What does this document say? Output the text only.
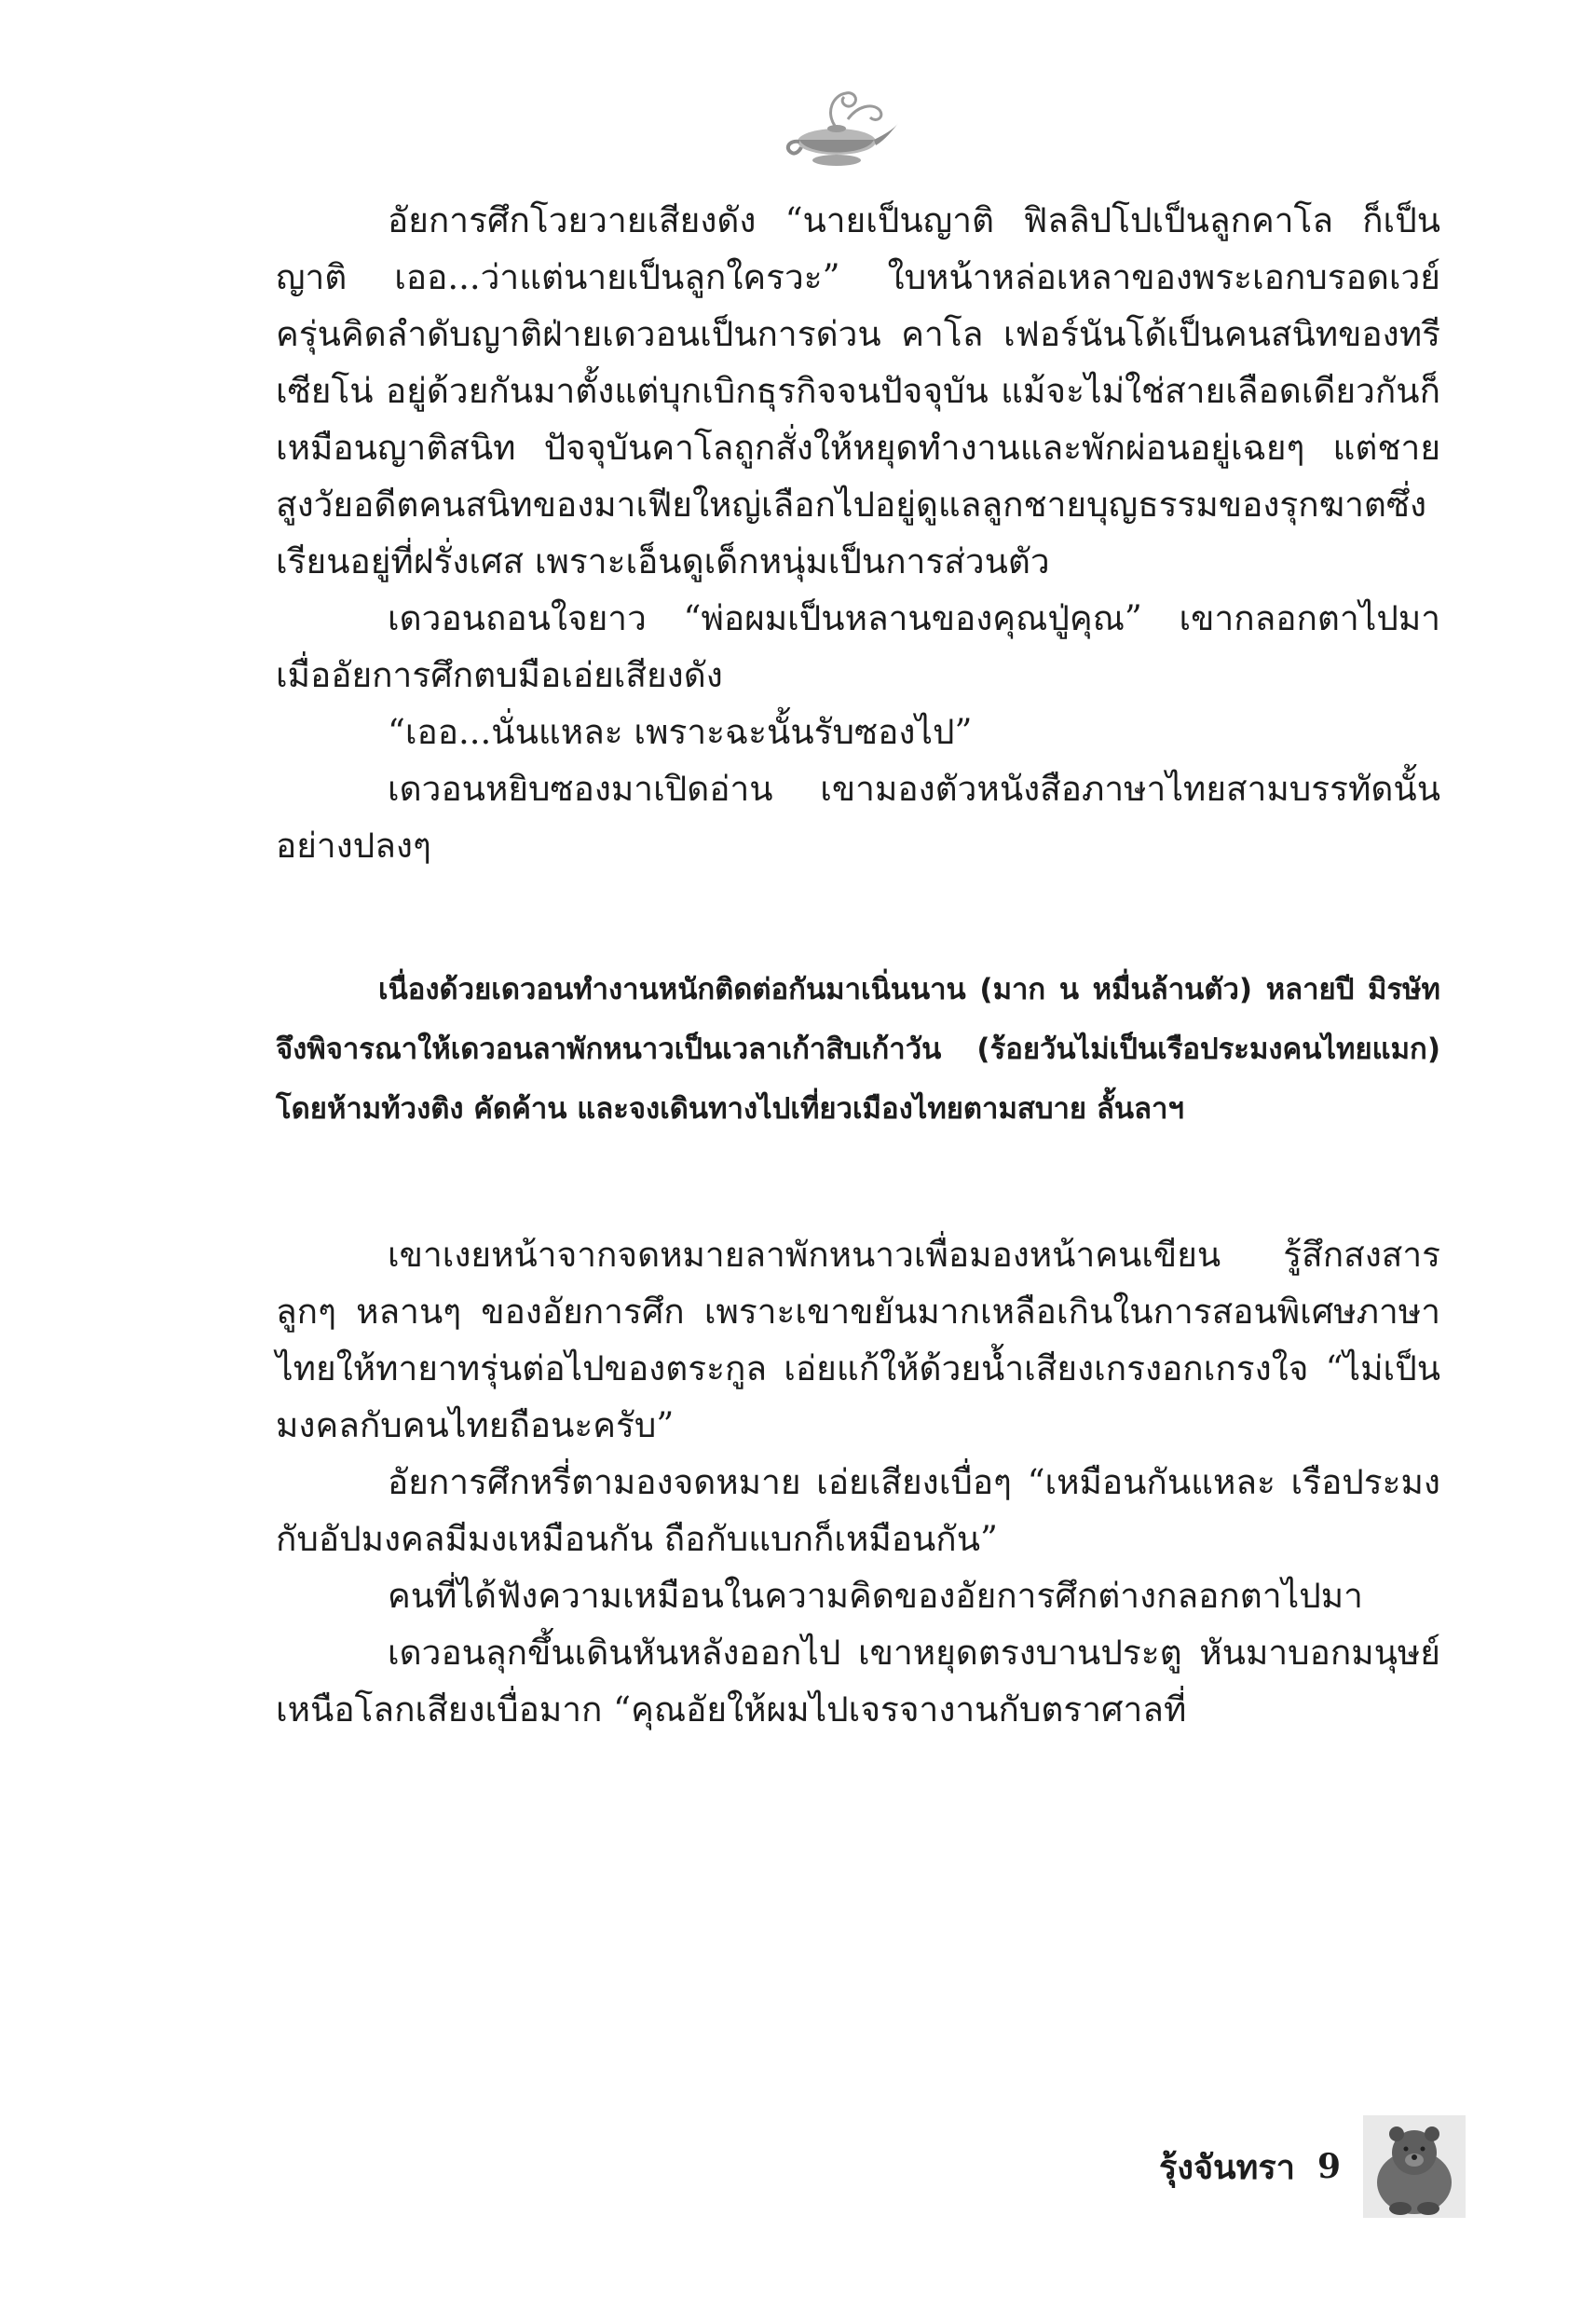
อัยการศึกโวยวายเสียงดัง “นายเป็นญาติ ฟิลลิปโปเป็นลูกคาโล ก็เป็นญาติ เออ...ว่าแต่นายเป็นลูกใครวะ” ใบหน้าหล่อเหลาของพระเอกบรอดเวย์ครุ่นคิดลำดับญาติฝ่ายเดวอนเป็นการด่วน คาโล เฟอร์นันโด้เป็นคนสนิทของทรีเซียโน่ อยู่ด้วยกันมาตั้งแต่บุกเบิกธุรกิจจนปัจจุบัน แม้จะไม่ใช่สายเลือดเดียวกันก็เหมือนญาติสนิท ปัจจุบันคาโลถูกสั่งให้หยุดทำงานและพักผ่อนอยู่เฉยๆ แต่ชายสูงวัยอดีตคนสนิทของมาเฟียใหญ่เลือกไปอยู่ดูแลลูกชายบุญธรรมของรุกฆาตซึ่งเรียนอยู่ที่ฝรั่งเศส เพราะเอ็นดูเด็กหนุ่มเป็นการส่วนตัว

เดวอนถอนใจยาว “พ่อผมเป็นหลานของคุณปู่คุณ” เขากลอกตาไปมาเมื่ออัยการศึกตบมือเอ่ยเสียงดัง

“เออ...นั่นแหละ เพราะฉะนั้นรับซองไป”

เดวอนหยิบซองมาเปิดอ่าน เขามองตัวหนังสือภาษาไทยสามบรรทัดนั้นอย่างปลงๆ

เนื่องด้วยเดวอนทำงานหนักติดต่อกันมาเนิ่นนาน (มาก น หมื่นล้านตัว) หลายปี มิรษัทจึงพิจารณาให้เดวอนลาพักหนาวเป็นเวลาเก้าสิบเก้าวัน (ร้อยวันไม่เป็นเรือประมงคนไทยแมก) โดยห้ามท้วงติง คัดค้าน และจงเดินทางไปเที่ยวเมืองไทยตามสบาย ลั้นลาฯ

เขาเงยหน้าจากจดหมายลาพักหนาวเพื่อมองหน้าคนเขียน รู้สึกสงสารลูกๆ หลานๆ ของอัยการศึก เพราะเขาขยันมากเหลือเกินในการสอนพิเศษภาษาไทยให้ทายาทรุ่นต่อไปของตระกูล เอ่ยแก้ให้ด้วยน้ำเสียงเกรงอกเกรงใจ “ไม่เป็นมงคลกับคนไทยถือนะครับ”

อัยการศึกหรี่ตามองจดหมาย เอ่ยเสียงเบื่อๆ “เหมือนกันแหละ เรือประมงกับอัปมงคลมีมงเหมือนกัน ถือกับแบกก็เหมือนกัน”

คนที่ได้ฟังความเหมือนในความคิดของอัยการศึกต่างกลอกตาไปมา

เดวอนลุกขึ้นเดินหันหลังออกไป เขาหยุดตรงบานประตู หันมาบอกมนุษย์เหนือโลกเสียงเบื่อมาก “คุณอัยให้ผมไปเจรจางานกับตราศาลที่

รุ้งจันทรา 9
